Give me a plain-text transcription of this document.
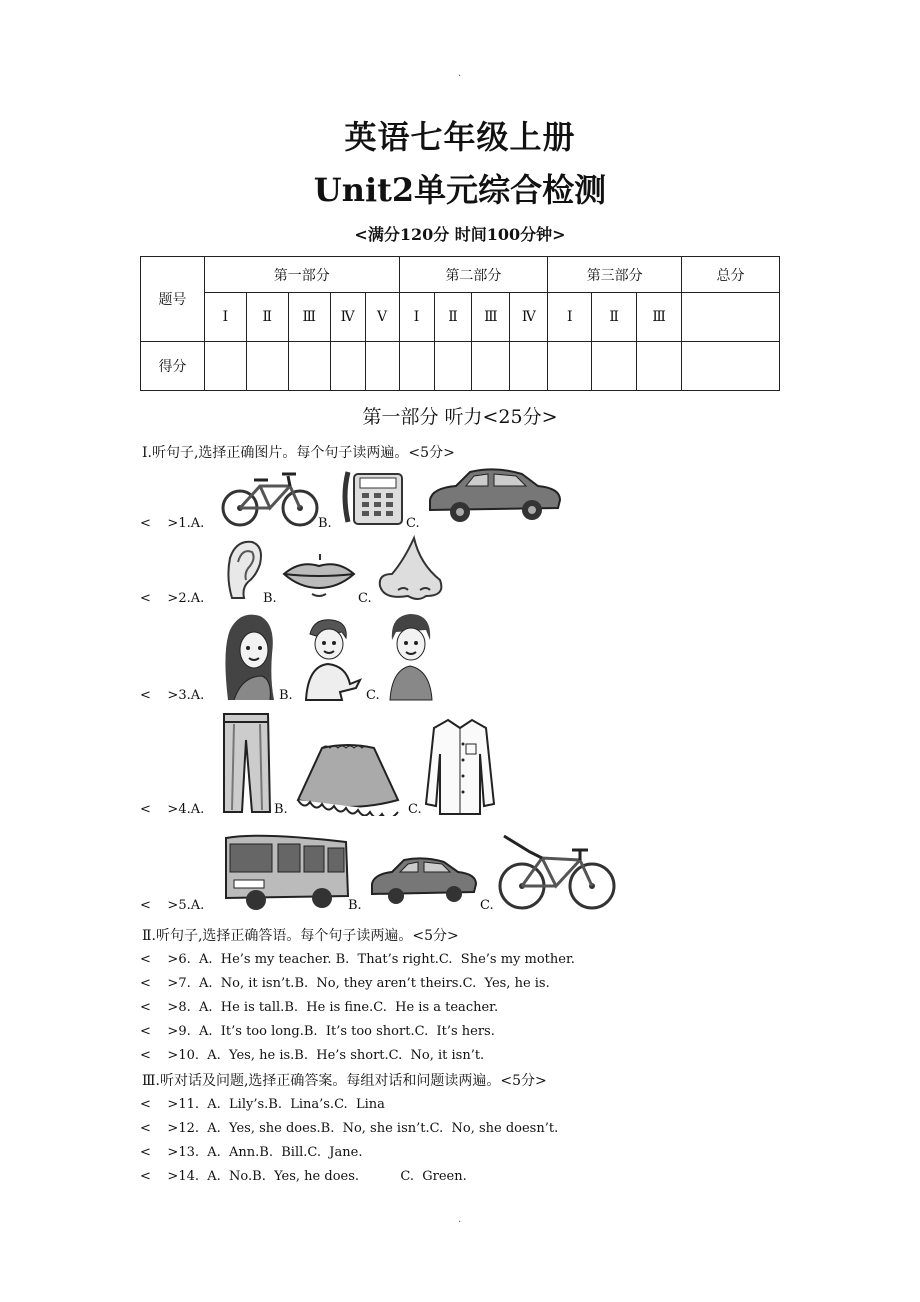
.
英语七年级上册
Unit2单元综合检测
<满分120分 时间100分钟>
题号	第一部分					第二部分				第三部分			总分
	Ⅰ	Ⅱ	Ⅲ	Ⅳ	Ⅴ	Ⅰ	Ⅱ	Ⅲ	Ⅳ	Ⅰ	Ⅱ	Ⅲ	
得分													
第一部分 听力<25分>
Ⅰ.听句子,选择正确图片。每个句子读两遍。<5分>
<    >1.A.	B.	C.
<    >2.A.	B.	C.
<    >3.A.	B.	C.
<    >4.A.	B.	C.
<    >5.A.	B.	C.
Ⅱ.听句子,选择正确答语。每个句子读两遍。<5分>
<    >6.  A.  He’s my teacher. B.  That’s right.C.  She’s my mother.
<    >7.  A.  No, it isn’t.B.  No, they aren’t theirs.C.  Yes, he is.
<    >8.  A.  He is tall.B.  He is fine.C.  He is a teacher.
<    >9.  A.  It’s too long.B.  It’s too short.C.  It’s hers.
<    >10.  A.  Yes, he is.B.  He’s short.C.  No, it isn’t.
Ⅲ.听对话及问题,选择正确答案。每组对话和问题读两遍。<5分>
<    >11.  A.  Lily’s.B.  Lina’s.C.  Lina
<    >12.  A.  Yes, she does.B.  No, she isn’t.C.  No, she doesn’t.
<    >13.  A.  Ann.B.  Bill.C.  Jane.
<    >14.  A.  No.B.  Yes, he does.          C.  Green.
.
